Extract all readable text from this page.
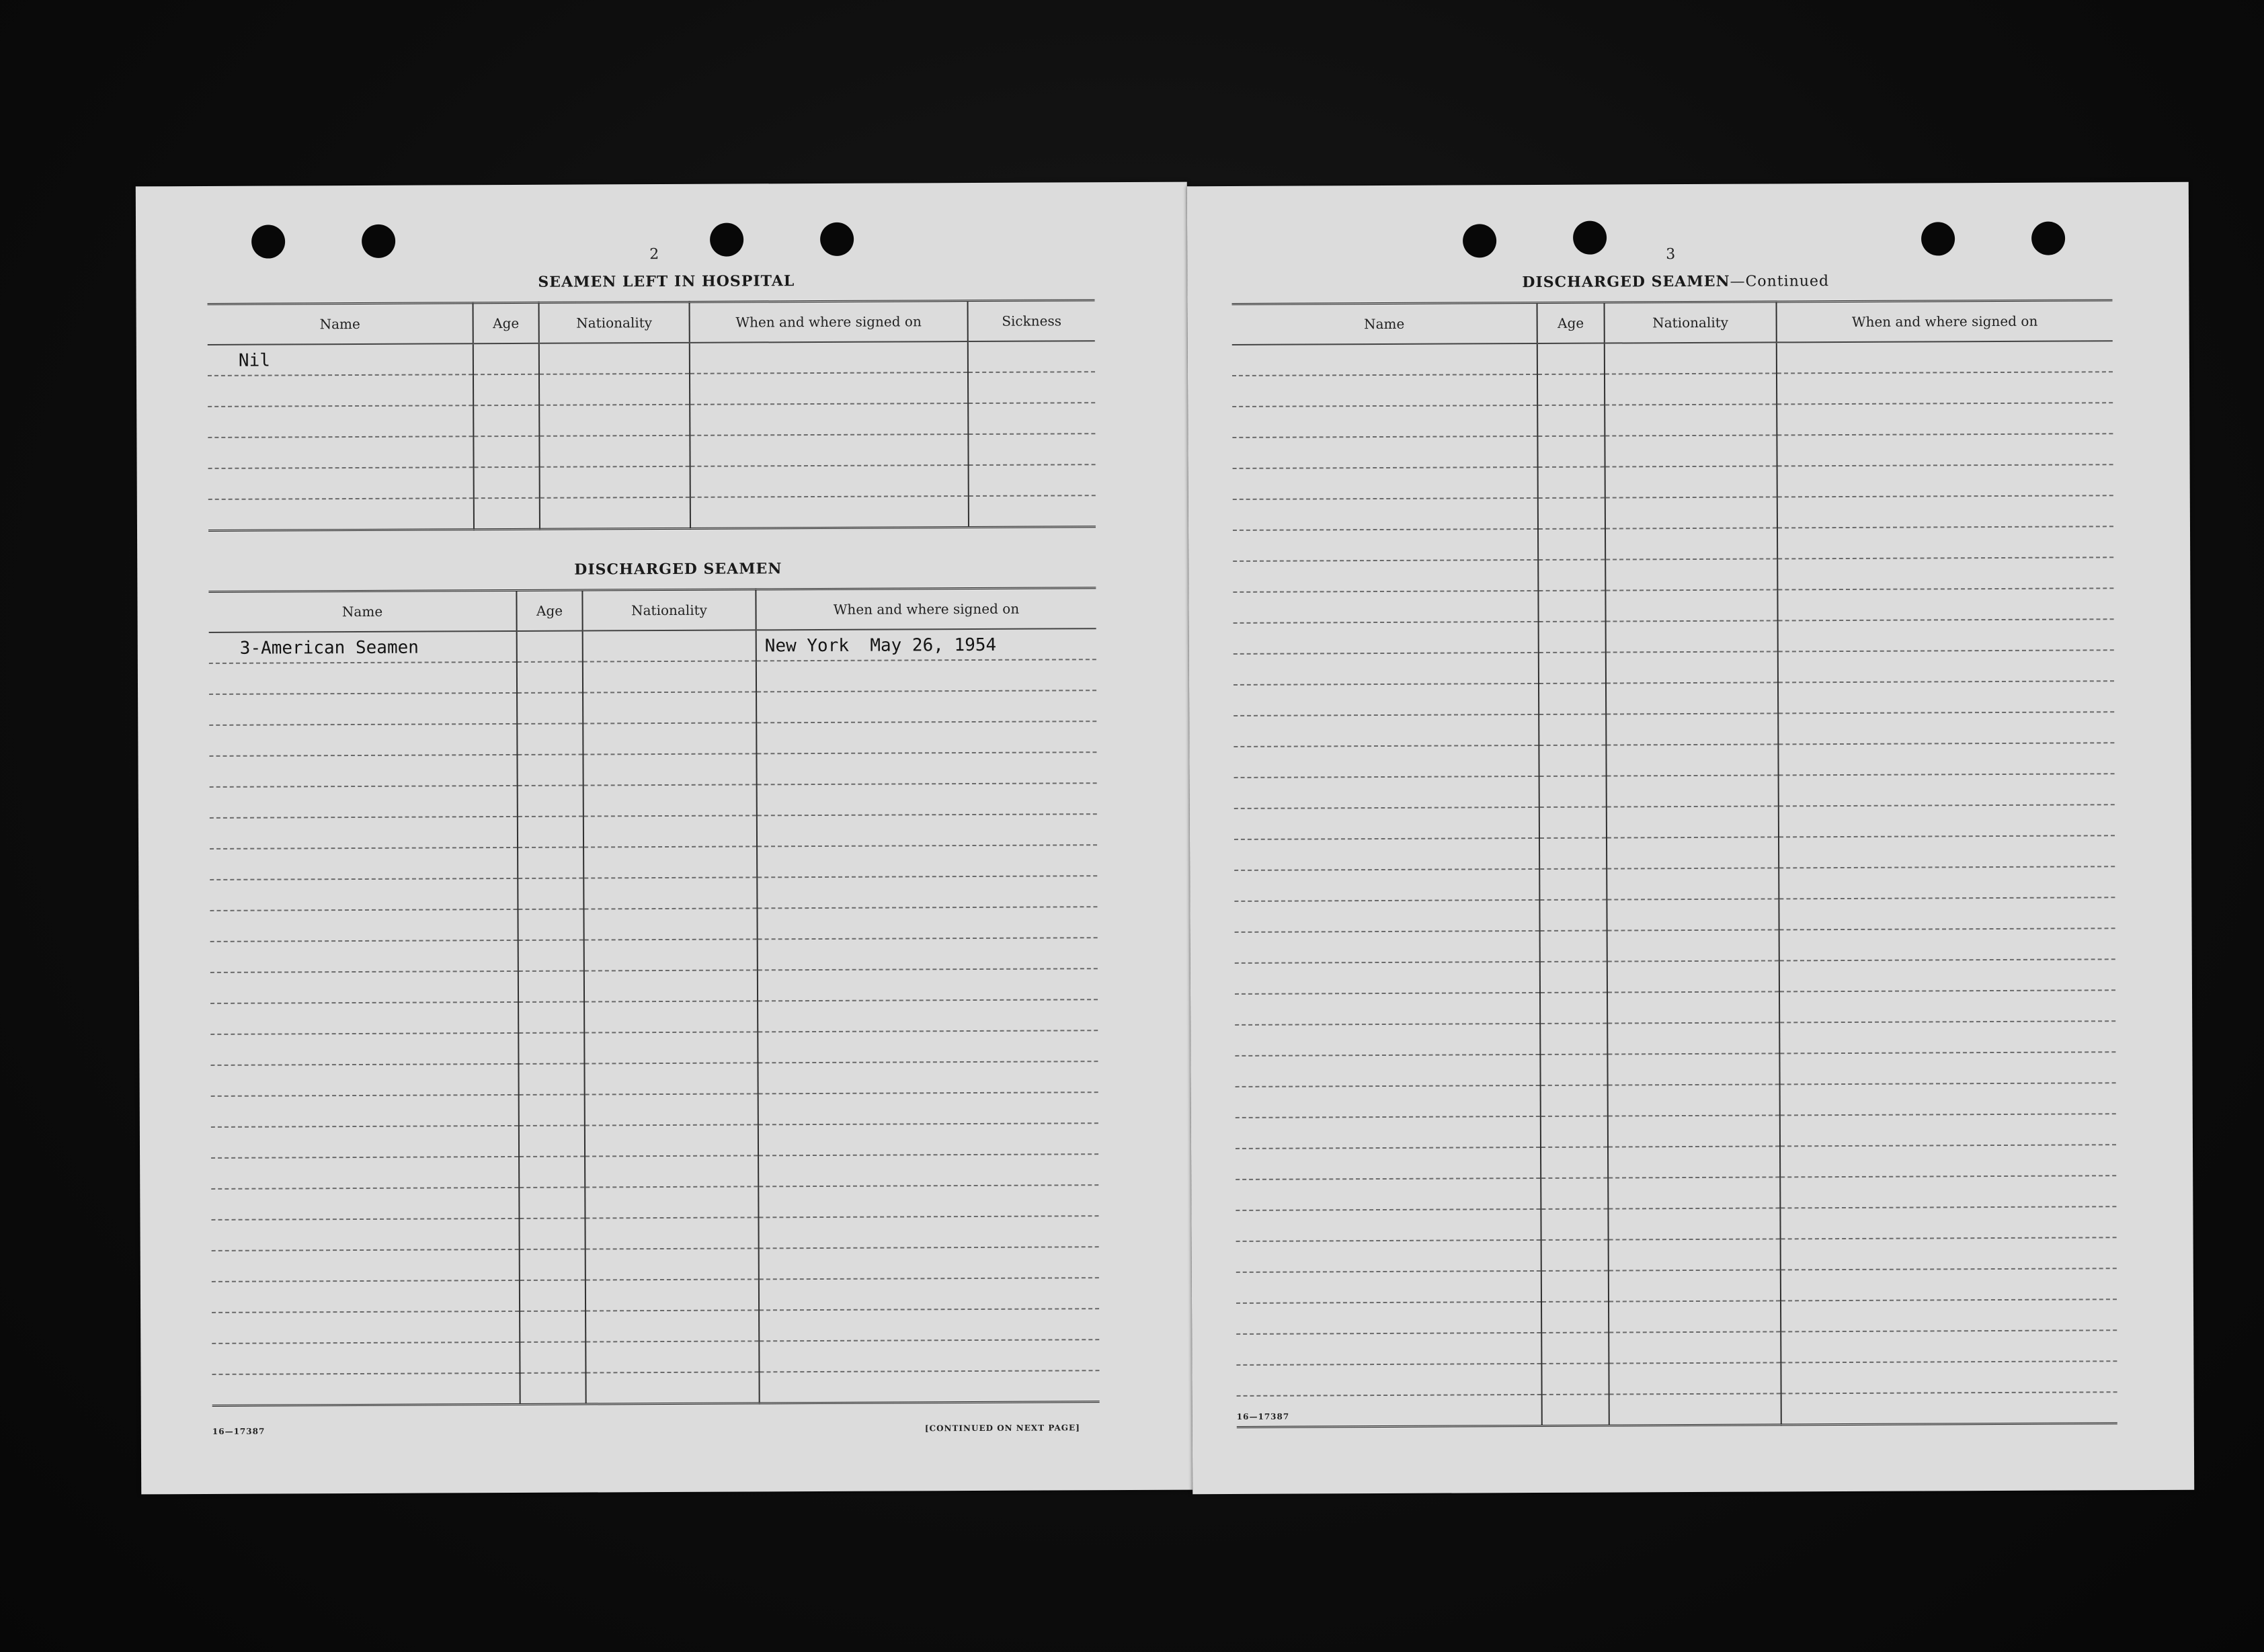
2
SEAMEN LEFT IN HOSPITAL
Name	Age	Nationality	When and where signed on	Sickness
Nil				

DISCHARGED SEAMEN
Name	Age	Nationality	When and where signed on
3-American Seamen			New York  May 26, 1954

16—17387	[CONTINUED ON NEXT PAGE]
3
DISCHARGED SEAMEN—Continued
Name	Age	Nationality	When and where signed on

16—17387
